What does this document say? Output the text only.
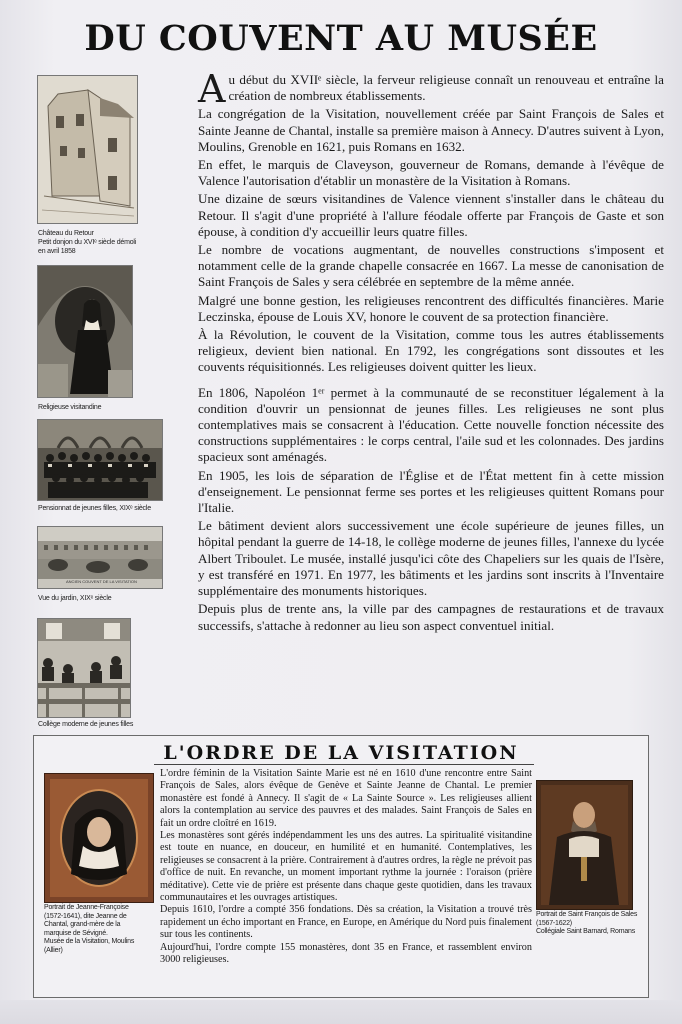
DU COUVENT AU MUSÉE
Château du Retour
Petit donjon du XVIᵉ siècle démoli
en avril 1858
Religieuse visitandine
Pensionnat de jeunes filles, XIXᵉ siècle
ANCIEN COUVENT DE LA VISITATION
Vue du jardin, XIXᵉ siècle
Collège moderne de jeunes filles

Au début du XVIIᵉ siècle, la ferveur religieuse connaît un renouveau et entraîne la création de nombreux établissements.

La congrégation de la Visitation, nouvellement créée par Saint François de Sales et Sainte Jeanne de Chantal, installe sa première maison à Annecy. D'autres suivent à Lyon, Moulins, Grenoble en 1621, puis Romans en 1632.

En effet, le marquis de Claveyson, gouverneur de Romans, demande à l'évêque de Valence l'autorisation d'établir un monastère de la Visitation à Romans.

Une dizaine de sœurs visitandines de Valence viennent s'installer dans le château du Retour. Il s'agit d'une propriété à l'allure féodale offerte par François de Gaste et son épouse, à condition d'y accueillir leurs quatre filles.

Le nombre de vocations augmentant, de nouvelles constructions s'imposent et notamment celle de la grande chapelle consacrée en 1667. La messe de canonisation de Saint François de Sales y sera célébrée en septembre de la même année.

Malgré une bonne gestion, les religieuses rencontrent des difficultés financières. Marie Leczinska, épouse de Louis XV, honore le couvent de sa protection financière.

À la Révolution, le couvent de la Visitation, comme tous les autres établissements religieux, devient bien national. En 1792, les congrégations sont dissoutes et les couvents réquisitionnés. Les religieuses doivent quitter les lieux.

En 1806, Napoléon 1ᵉʳ permet à la communauté de se reconstituer légalement à la condition d'ouvrir un pensionnat de jeunes filles. Les religieuses ne sont plus contemplatives mais se consacrent à l'éducation. Cette nouvelle fonction nécessite des constructions supplémentaires : le corps central, l'aile sud et les colonnades. Des jardins spacieux sont aménagés.

En 1905, les lois de séparation de l'Église et de l'État mettent fin à cette mission d'enseignement. Le pensionnat ferme ses portes et les religieuses quittent Romans pour l'Italie.

Le bâtiment devient alors successivement une école supérieure de jeunes filles, un hôpital pendant la guerre de 14-18, le collège moderne de jeunes filles, l'annexe du lycée Albert Triboulet. Le musée, installé jusqu'ici côte des Chapeliers sur les quais de l'Isère, y est transféré en 1971. En 1977, les bâtiments et les jardins sont inscrits à l'Inventaire supplémentaire des monuments historiques.

Depuis plus de trente ans, la ville par des campagnes de restaurations et de travaux successifs, s'attache à redonner au lieu son aspect conventuel initial.

L'ORDRE DE LA VISITATION
Portrait de Jeanne-Françoise
(1572-1641), dite Jeanne de
Chantal, grand-mère de la
marquise de Sévigné.
Musée de la Visitation, Moulins
(Allier)

L'ordre féminin de la Visitation Sainte Marie est né en 1610 d'une rencontre entre Saint François de Sales, alors évêque de Genève et Sainte Jeanne de Chantal. Le premier monastère est fondé à Annecy. Il s'agit de « La Sainte Source ». Les religieuses allient alors la contemplation au service des pauvres et des malades. Saint François de Sales en fait un ordre cloîtré en 1619.

Les monastères sont gérés indépendamment les uns des autres. La spiritualité visitandine est toute en nuance, en douceur, en humilité et en humanité. Contemplatives, les religieuses se consacrent à la prière. Contrairement à d'autres ordres, la règle ne prévoit pas d'office de nuit. En revanche, un moment important rythme la journée : l'oraison (prière méditative). Cette vie de prière est présente dans chaque geste quotidien, dans les travaux communautaires et les ouvrages artistiques.

Depuis 1610, l'ordre a compté 356 fondations. Dès sa création, la Visitation a trouvé très rapidement un écho important en France, en Europe, en Amérique du Nord puis finalement sur tous les continents.

Aujourd'hui, l'ordre compte 155 monastères, dont 35 en France, et rassemblent environ 3000 religieuses.

Portrait de Saint François de Sales
(1567-1622)
Collégiale Saint Barnard, Romans
